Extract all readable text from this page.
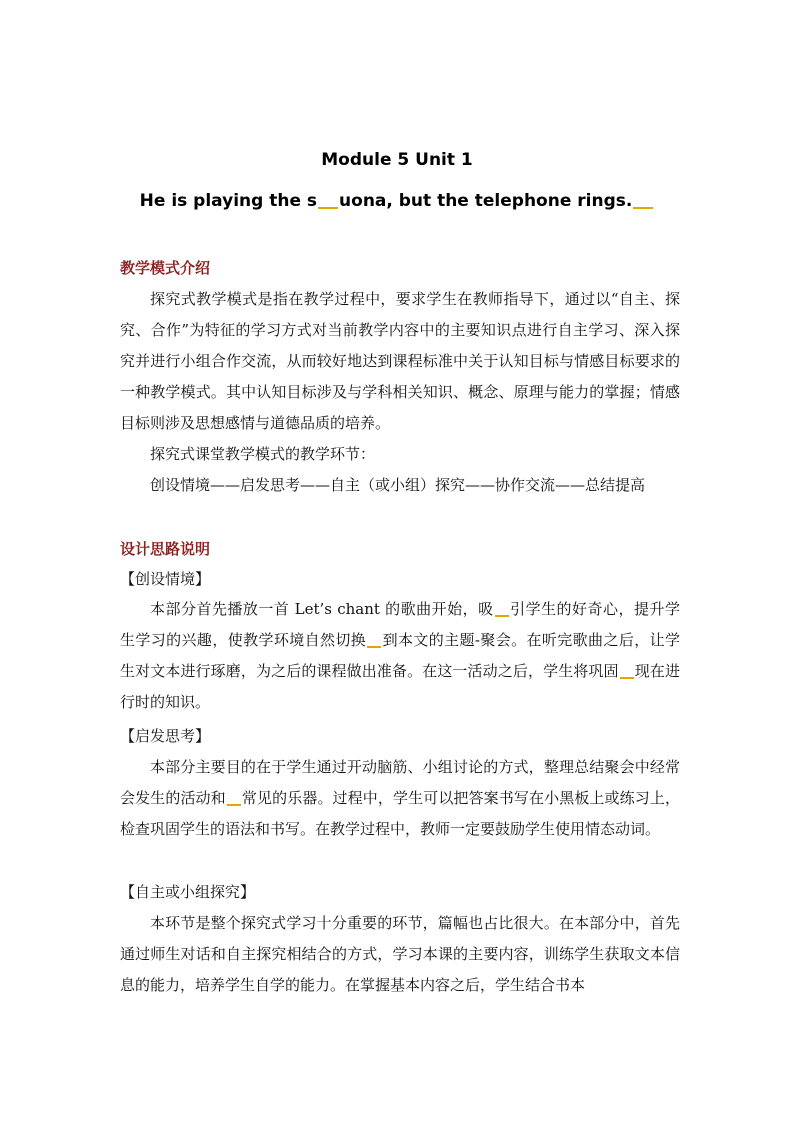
Module 5 Unit 1
He is playing the s uona, but the telephone rings.
教学模式介绍
探究式教学模式是指在教学过程中，要求学生在教师指导下，通过以“自主、探究、合作”为特征的学习方式对当前教学内容中的主要知识点进行自主学习、深入探究并进行小组合作交流，从而较好地达到课程标准中关于认知目标与情感目标要求的一种教学模式。其中认知目标涉及与学科相关知识、概念、原理与能力的掌握；情感目标则涉及思想感情与道德品质的培养。
探究式课堂教学模式的教学环节：
创设情境——启发思考——自主（或小组）探究——协作交流——总结提高
设计思路说明
【创设情境】
本部分首先播放一首 Let’s chant 的歌曲开始，吸 引学生的好奇心，提升学生学习的兴趣，使教学环境自然切换 到本文的主题-聚会。在听完歌曲之后，让学生对文本进行琢磨，为之后的课程做出准备。在这一活动之后，学生将巩固 现在进行时的知识。
【启发思考】
本部分主要目的在于学生通过开动脑筋、小组讨论的方式，整理总结聚会中经常会发生的活动和 常见的乐器。过程中，学生可以把答案书写在小黑板上或练习上，检查巩固学生的语法和书写。在教学过程中，教师一定要鼓励学生使用情态动词。
【自主或小组探究】
本环节是整个探究式学习十分重要的环节，篇幅也占比很大。在本部分中，首先通过师生对话和自主探究相结合的方式，学习本课的主要内容，训练学生获取文本信息的能力，培养学生自学的能力。在掌握基本内容之后，学生结合书本
